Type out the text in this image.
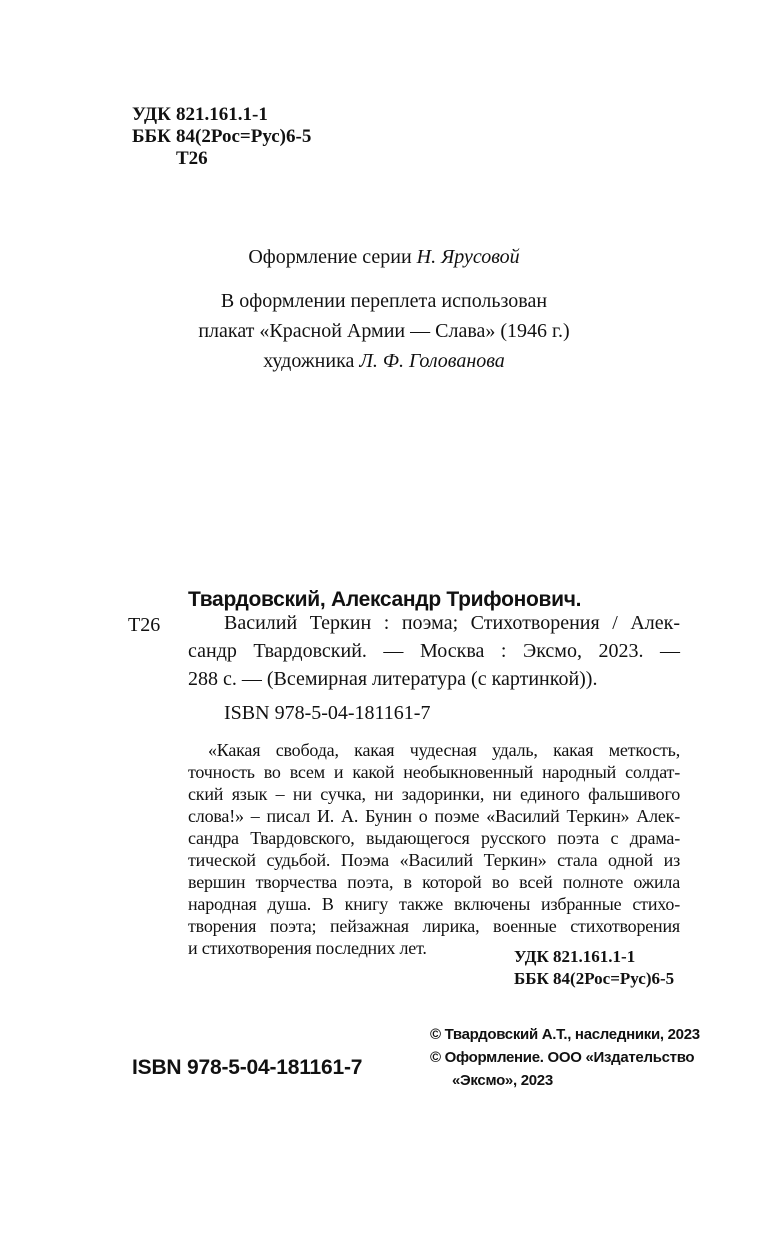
УДК 821.161.1-1
ББК 84(2Рос=Рус)6-5
Т26
Оформление серии Н. Ярусовой
В оформлении переплета использован
плакат «Красной Армии — Слава» (1946 г.)
художника Л. Ф. Голованова
Твардовский, Александр Трифонович.
Т26	Василий Теркин : поэма; Стихотворения / Алек-
сандр Твардовский. — Москва : Эксмо, 2023. —
288 с. — (Всемирная литература (с картинкой)).
ISBN 978-5-04-181161-7
«Какая свобода, какая чудесная удаль, какая меткость,
точность во всем и какой необыкновенный народный солдат-
ский язык – ни сучка, ни задоринки, ни единого фальшивого
слова!» – писал И. А. Бунин о поэме «Василий Теркин» Алек-
сандра Твардовского, выдающегося русского поэта с драма-
тической судьбой. Поэма «Василий Теркин» стала одной из
вершин творчества поэта, в которой во всей полноте ожила
народная душа. В книгу также включены избранные стихо-
творения поэта; пейзажная лирика, военные стихотворения
и стихотворения последних лет.	УДК 821.161.1-1
ББК 84(2Рос=Рус)6-5
ISBN 978-5-04-181161-7
© Твардовский А.Т., наследники, 2023
© Оформление. ООО «Издательство
«Эксмо», 2023
